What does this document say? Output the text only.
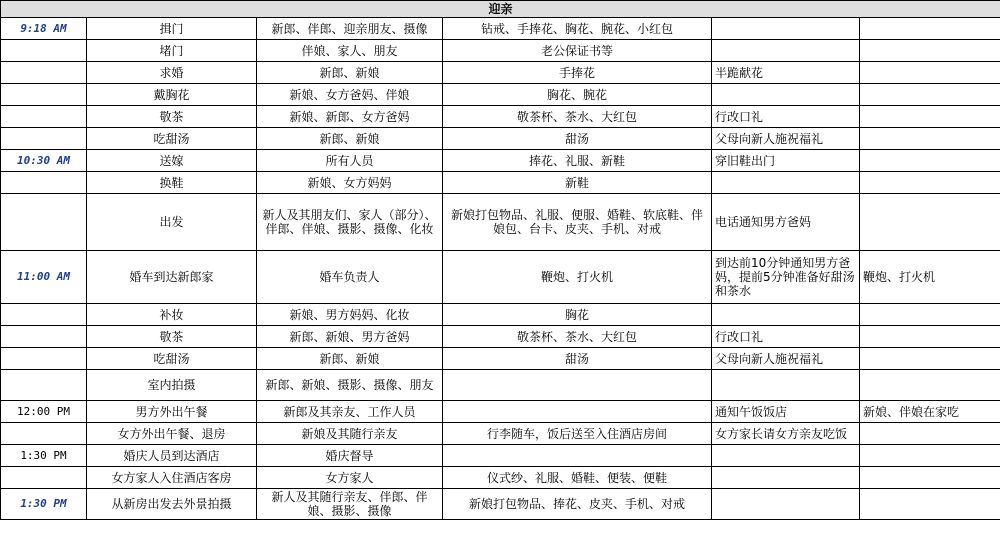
迎亲					
9:18 AM	揖门	新郎、伴郎、迎亲朋友、摄像	钻戒、手捧花、胸花、腕花、小红包		
	堵门	伴娘、家人、朋友	老公保证书等		
	求婚	新郎、新娘	手捧花	半跪献花	
	戴胸花	新娘、女方爸妈、伴娘	胸花、腕花		
	敬茶	新娘、新郎、女方爸妈	敬茶杯、茶水、大红包	行改口礼	
	吃甜汤	新郎、新娘	甜汤	父母向新人施祝福礼	
10:30 AM	送嫁	所有人员	捧花、礼服、新鞋	穿旧鞋出门	
	换鞋	新娘、女方妈妈	新鞋		
	出发	新人及其朋友们、家人（部分）、伴郎、伴娘、摄影、摄像、化妆	新娘打包物品、礼服、便服、婚鞋、软底鞋、伴娘包、台卡、皮夹、手机、对戒	电话通知男方爸妈	
11:00 AM	婚车到达新郎家	婚车负责人	鞭炮、打火机	到达前10分钟通知男方爸妈，提前5分钟准备好甜汤和茶水	鞭炮、打火机
	补妆	新娘、男方妈妈、化妆	胸花		
	敬茶	新郎、新娘、男方爸妈	敬茶杯、茶水、大红包	行改口礼	
	吃甜汤	新郎、新娘	甜汤	父母向新人施祝福礼	
	室内拍摄	新郎、新娘、摄影、摄像、朋友			
12:00 PM	男方外出午餐	新郎及其亲友、工作人员		通知午饭饭店	新娘、伴娘在家吃
	女方外出午餐、退房	新娘及其随行亲友	行李随车，饭后送至入住酒店房间	女方家长请女方亲友吃饭	
1:30 PM	婚庆人员到达酒店	婚庆督导			
	女方家人入住酒店客房	女方家人	仪式纱、礼服、婚鞋、便装、便鞋		
1:30 PM	从新房出发去外景拍摄	新人及其随行亲友、伴郎、伴娘、摄影、摄像	新娘打包物品、捧花、皮夹、手机、对戒		
